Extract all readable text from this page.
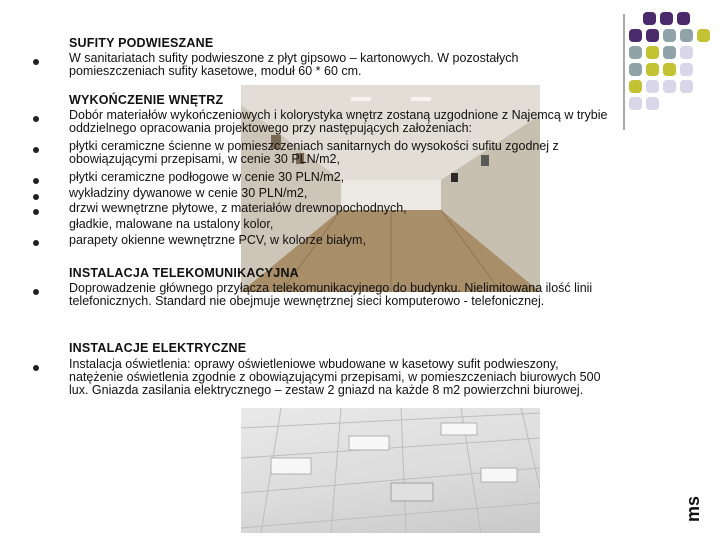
SUFITY PODWIESZANE
W sanitariatach sufity podwieszone z płyt gipsowo – kartonowych. W pozostałych
pomieszczeniach sufity kasetowe, moduł 60 * 60 cm.
WYKOŃCZENIE WNĘTRZ
Dobór materiałów wykończeniowych i kolorystyka wnętrz zostaną uzgodnione z Najemcą w trybie
oddzielnego opracowania projektowego przy następujących założeniach:
płytki ceramiczne ścienne w pomieszczeniach sanitarnych do wysokości sufitu zgodnej z
obowiązującymi przepisami, w cenie 30 PLN/m2,
płytki ceramiczne podłogowe w cenie 30 PLN/m2,
wykładziny dywanowe w cenie 30 PLN/m2,
drzwi wewnętrzne płytowe, z materiałów drewnopochodnych,
gładkie, malowane na ustalony kolor,
parapety okienne wewnętrzne PCV, w kolorze białym,
INSTALACJA TELEKOMUNIKACYJNA
Doprowadzenie głównego przyłącza telekomunikacyjnego do budynku. Nielimitowana ilość linii
telefonicznych. Standard nie obejmuje wewnętrznej sieci komputerowo - telefonicznej.
INSTALACJE ELEKTRYCZNE
Instalacja oświetlenia: oprawy oświetleniowe wbudowane w kasetowy sufit podwieszony,
natężenie oświetlenia zgodnie z obowiązującymi przepisami, w pomieszczeniach biurowych 500
lux. Gniazda zasilania elektrycznego – zestaw 2 gniazd na każde 8 m2 powierzchni biurowej.
ms
